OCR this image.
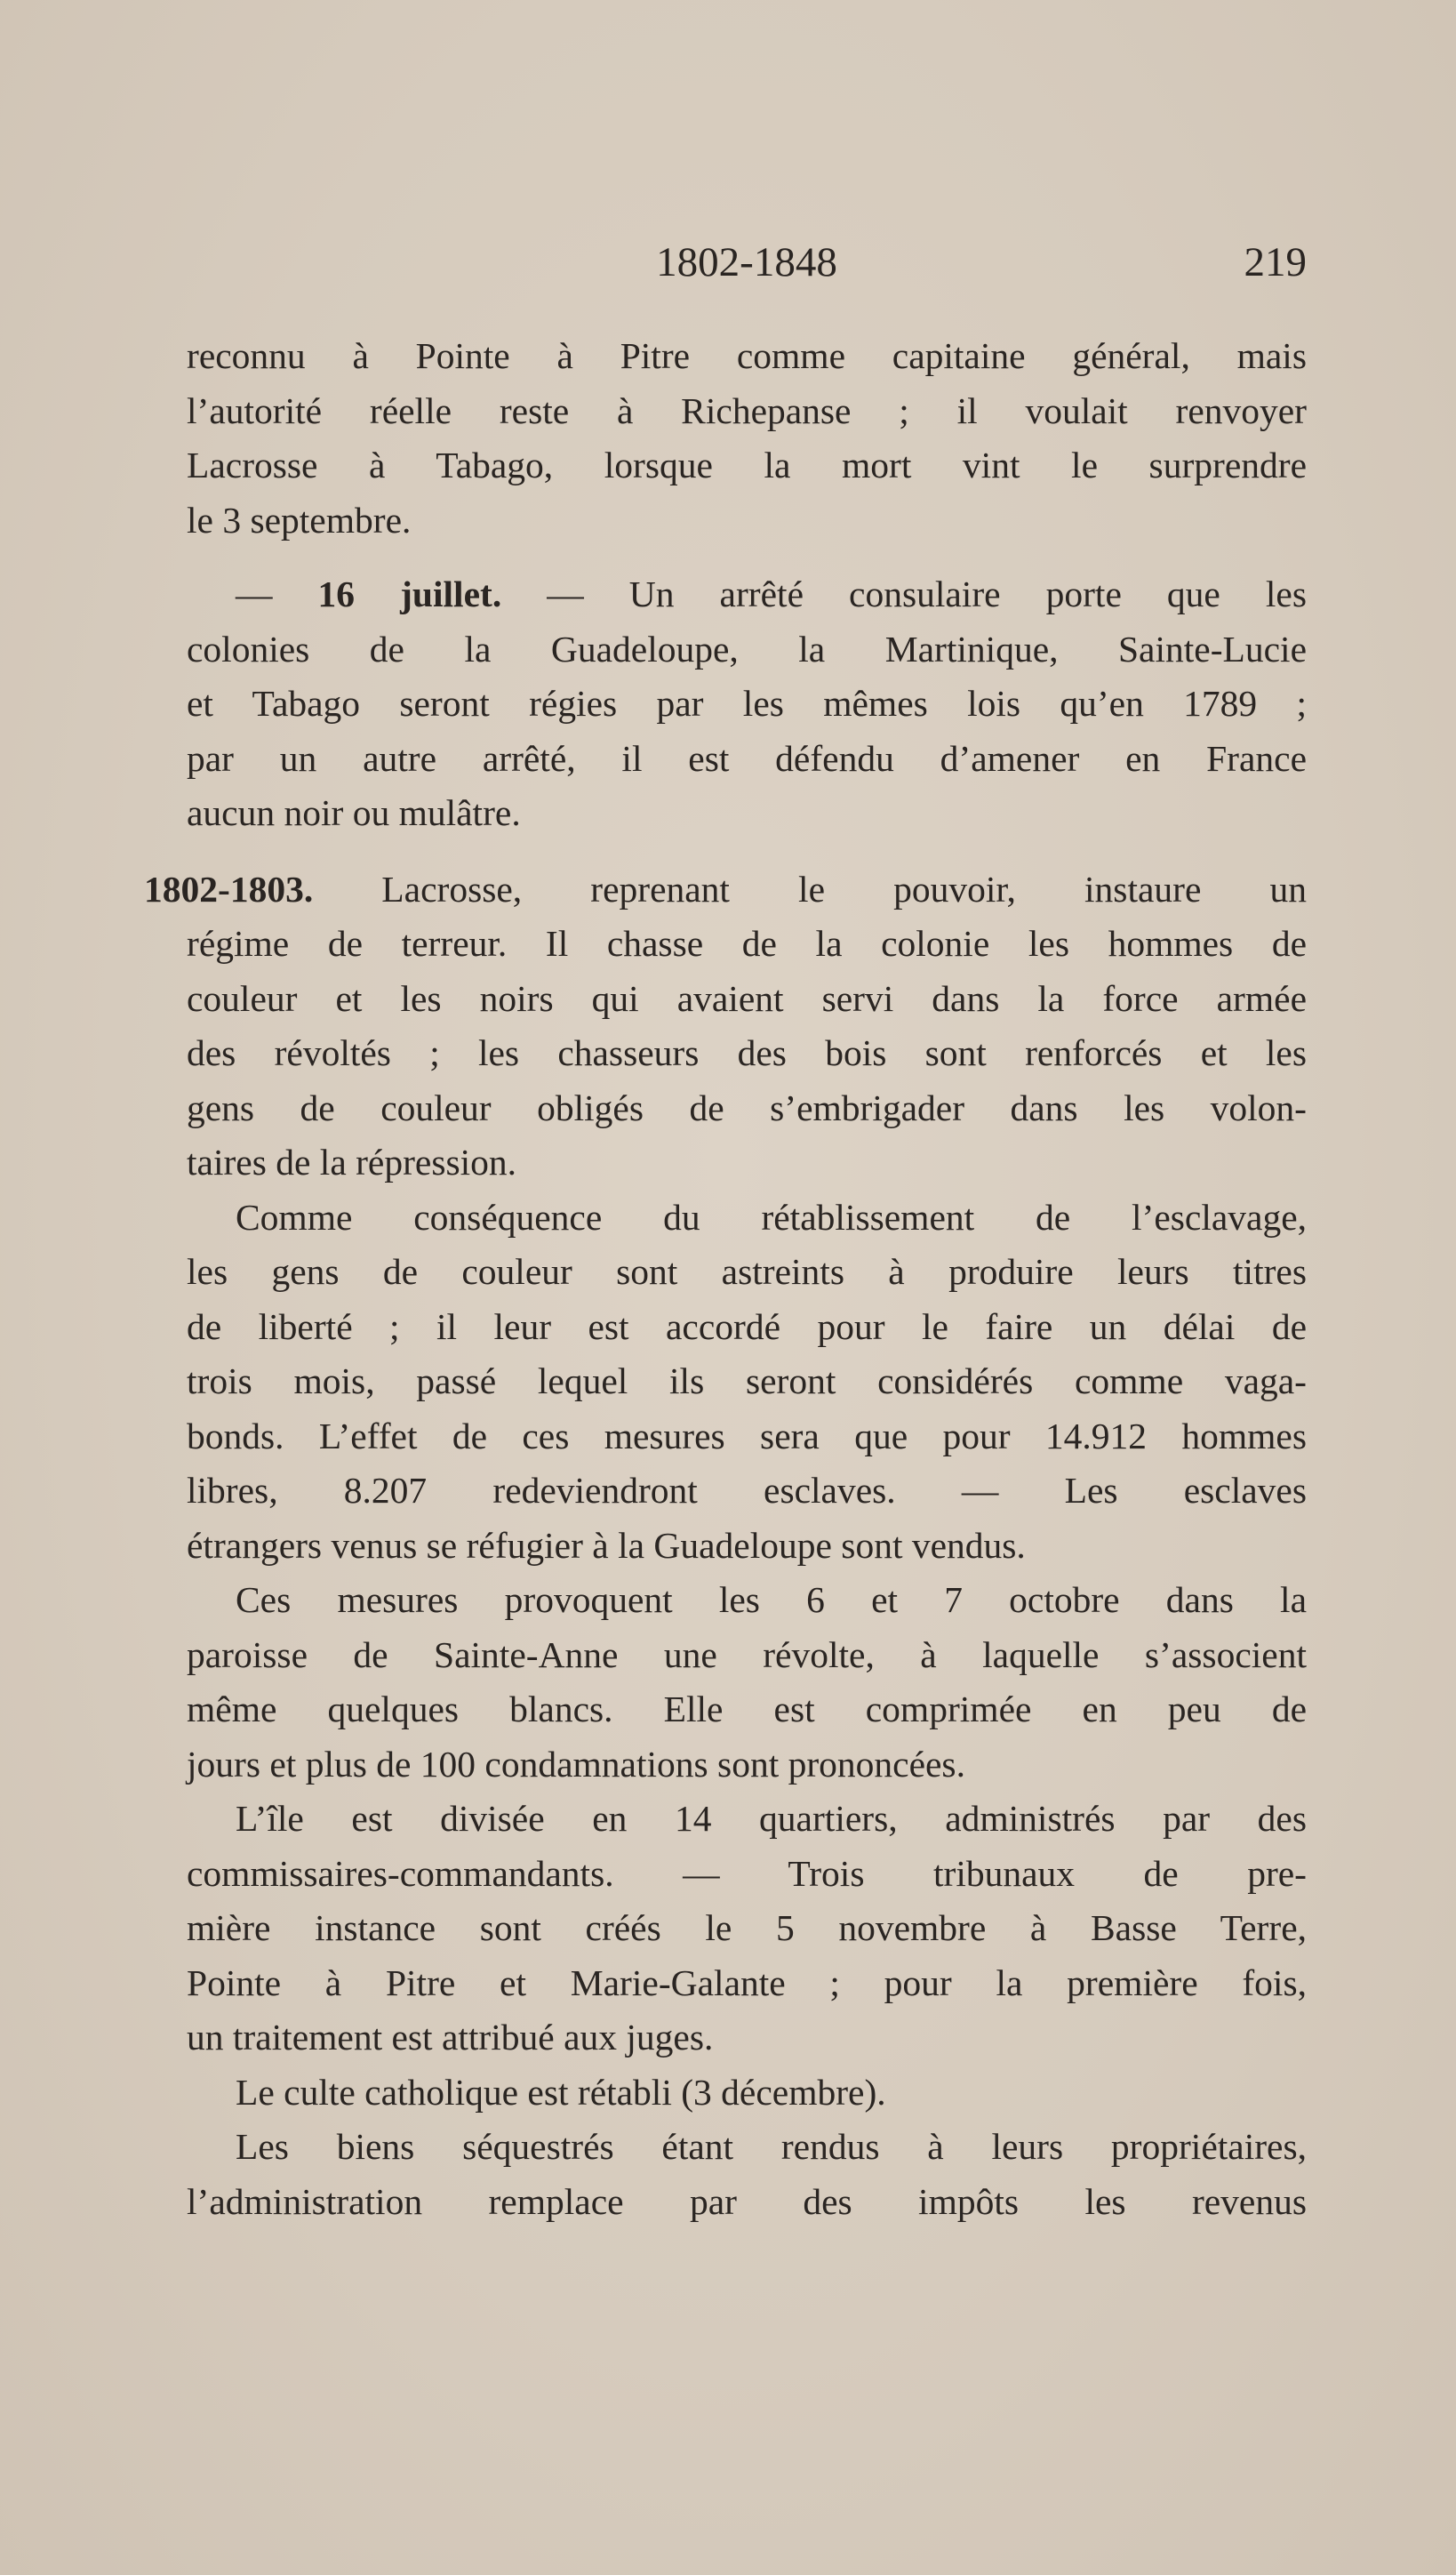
1802-1848	219
reconnu à Pointe à Pitre comme capitaine général, mais
l’autorité réelle reste à Richepanse ; il voulait renvoyer
Lacrosse à Tabago, lorsque la mort vint le surprendre
le 3 septembre.
— 16 juillet. — Un arrêté consulaire porte que les
colonies de la Guadeloupe, la Martinique, Sainte-Lucie
et Tabago seront régies par les mêmes lois qu’en 1789 ;
par un autre arrêté, il est défendu d’amener en France
aucun noir ou mulâtre.
1802-1803. Lacrosse, reprenant le pouvoir, instaure un
régime de terreur. Il chasse de la colonie les hommes de
couleur et les noirs qui avaient servi dans la force armée
des révoltés ; les chasseurs des bois sont renforcés et les
gens de couleur obligés de s’embrigader dans les volon-
taires de la répression.
Comme conséquence du rétablissement de l’esclavage,
les gens de couleur sont astreints à produire leurs titres
de liberté ; il leur est accordé pour le faire un délai de
trois mois, passé lequel ils seront considérés comme vaga-
bonds. L’effet de ces mesures sera que pour 14.912 hommes
libres, 8.207 redeviendront esclaves. — Les esclaves
étrangers venus se réfugier à la Guadeloupe sont vendus.
Ces mesures provoquent les 6 et 7 octobre dans la
paroisse de Sainte-Anne une révolte, à laquelle s’associent
même quelques blancs. Elle est comprimée en peu de
jours et plus de 100 condamnations sont prononcées.
L’île est divisée en 14 quartiers, administrés par des
commissaires-commandants. — Trois tribunaux de pre-
mière instance sont créés le 5 novembre à Basse Terre,
Pointe à Pitre et Marie-Galante ; pour la première fois,
un traitement est attribué aux juges.
Le culte catholique est rétabli (3 décembre).
Les biens séquestrés étant rendus à leurs propriétaires,
l’administration remplace par des impôts les revenus
